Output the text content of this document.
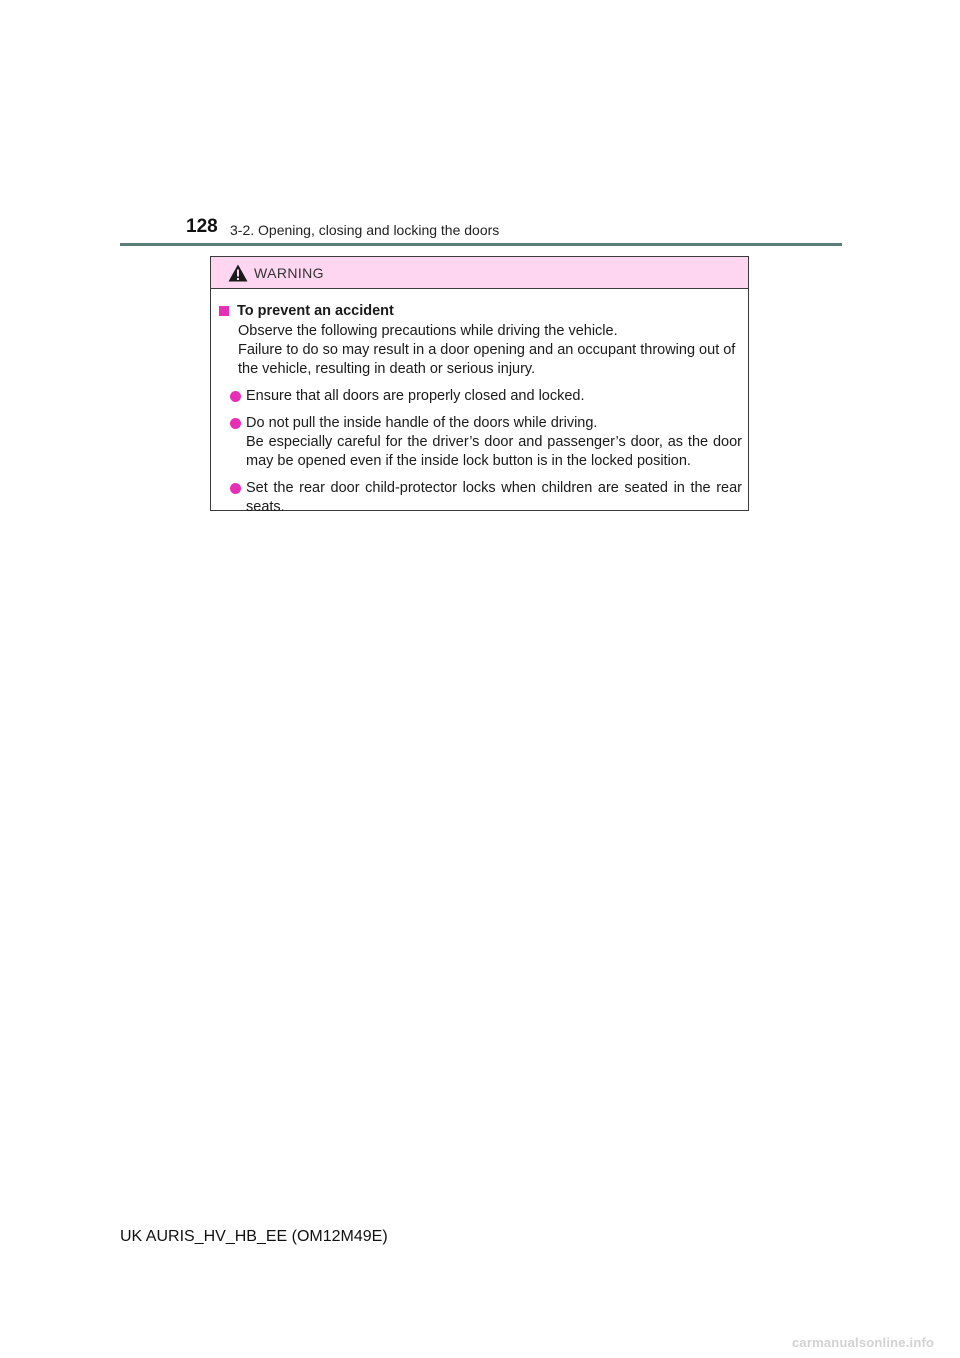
128 3-2. Opening, closing and locking the doors
WARNING
To prevent an accident
Observe the following precautions while driving the vehicle.
Failure to do so may result in a door opening and an occupant throwing out of the vehicle, resulting in death or serious injury.
Ensure that all doors are properly closed and locked.
Do not pull the inside handle of the doors while driving.
Be especially careful for the driver’s door and passenger’s door, as the door may be opened even if the inside lock button is in the locked position.
Set the rear door child-protector locks when children are seated in the rear seats.
UK AURIS_HV_HB_EE (OM12M49E)
carmanualsonline.info
